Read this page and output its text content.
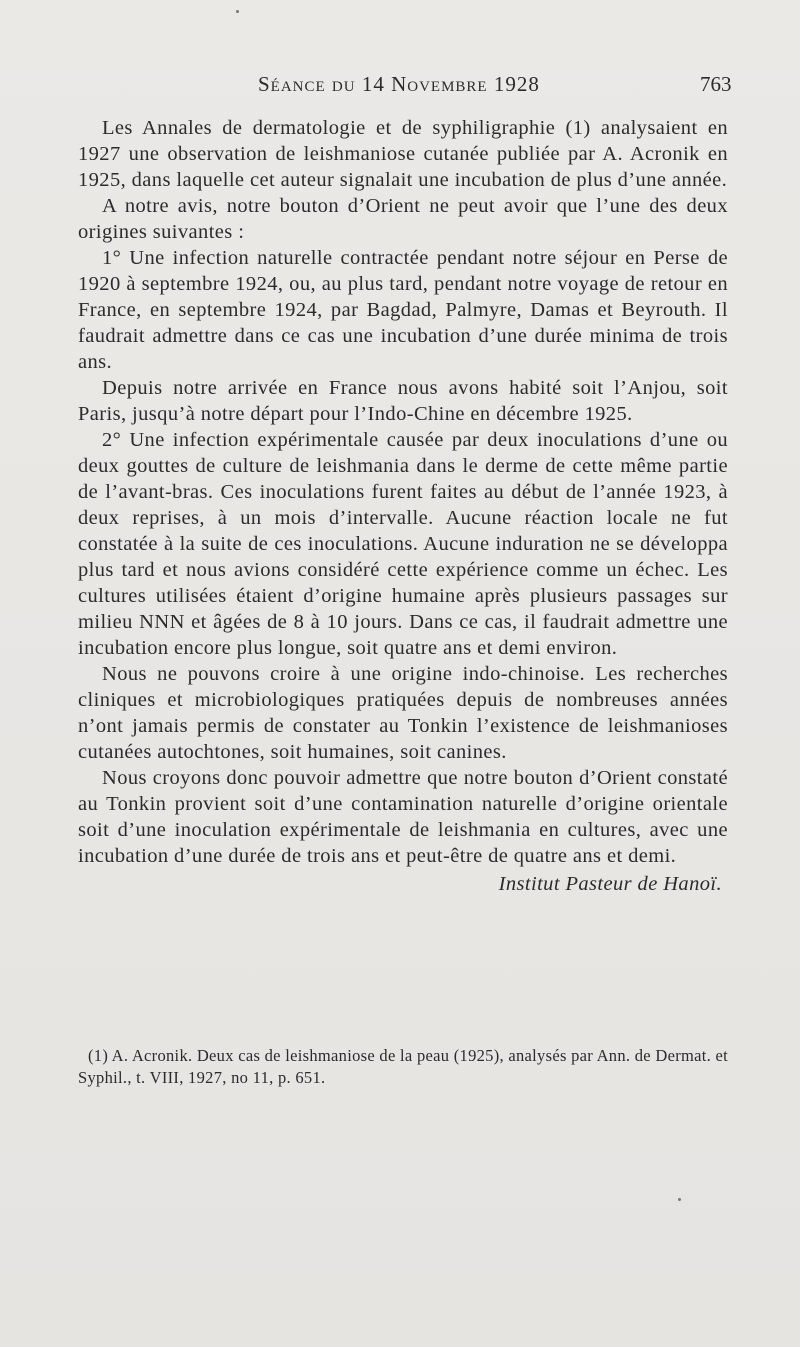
Séance du 14 Novembre 1928	763

Les Annales de dermatologie et de syphiligraphie (1) analysaient en 1927 une observation de leishmaniose cutanée publiée par A. Acronik en 1925, dans laquelle cet auteur signalait une incubation de plus d’une année.

A notre avis, notre bouton d’Orient ne peut avoir que l’une des deux origines suivantes :

1° Une infection naturelle contractée pendant notre séjour en Perse de 1920 à septembre 1924, ou, au plus tard, pendant notre voyage de retour en France, en septembre 1924, par Bagdad, Palmyre, Damas et Beyrouth. Il faudrait admettre dans ce cas une incubation d’une durée minima de trois ans.

Depuis notre arrivée en France nous avons habité soit l’Anjou, soit Paris, jusqu’à notre départ pour l’Indo-Chine en décembre 1925.

2° Une infection expérimentale causée par deux inoculations d’une ou deux gouttes de culture de leishmania dans le derme de cette même partie de l’avant-bras. Ces inoculations furent faites au début de l’année 1923, à deux reprises, à un mois d’intervalle. Aucune réaction locale ne fut constatée à la suite de ces inoculations. Aucune induration ne se développa plus tard et nous avions considéré cette expérience comme un échec. Les cultures utilisées étaient d’origine humaine après plusieurs passages sur milieu NNN et âgées de 8 à 10 jours. Dans ce cas, il faudrait admettre une incubation encore plus longue, soit quatre ans et demi environ.

Nous ne pouvons croire à une origine indo-chinoise. Les recherches cliniques et microbiologiques pratiquées depuis de nombreuses années n’ont jamais permis de constater au Tonkin l’existence de leishmanioses cutanées autochtones, soit humaines, soit canines.

Nous croyons donc pouvoir admettre que notre bouton d’Orient constaté au Tonkin provient soit d’une contamination naturelle d’origine orientale soit d’une inoculation expérimentale de leishmania en cultures, avec une incubation d’une durée de trois ans et peut-être de quatre ans et demi.

Institut Pasteur de Hanoï.

(1) A. Acronik. Deux cas de leishmaniose de la peau (1925), analysés par Ann. de Dermat. et Syphil., t. VIII, 1927, no 11, p. 651.
